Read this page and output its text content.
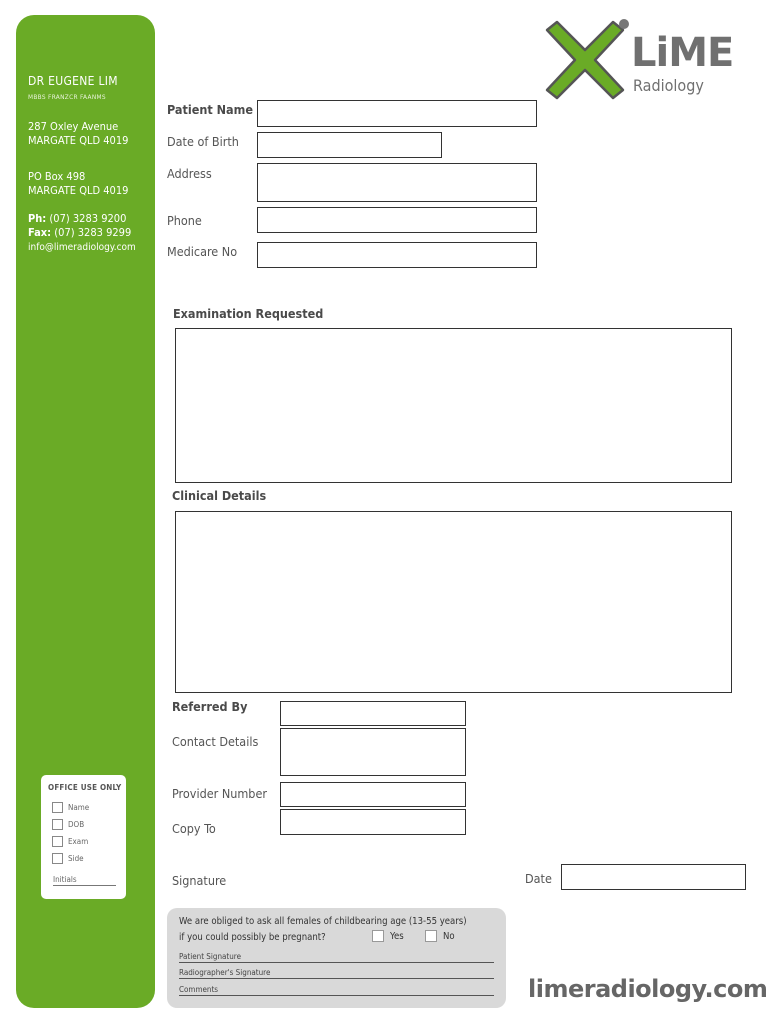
DR EUGENE LIM
MBBS FRANZCR FAANMS
287 Oxley Avenue
MARGATE QLD 4019
PO Box 498
MARGATE QLD 4019
Ph: (07) 3283 9200
Fax: (07) 3283 9299
info@limeradiology.com
OFFICE USE ONLY
Name
DOB
Exam
Side
Initials
LiME
Radiology
Patient Name
Date of Birth
Address
Phone
Medicare No
Examination Requested
Clinical Details
Referred By
Contact Details
Provider Number
Copy To
Signature	Date
We are obliged to ask all females of childbearing age (13-55 years)
if you could possibly be pregnant?	Yes	No
Patient Signature
Radiographer's Signature
Comments	limeradiology.com
